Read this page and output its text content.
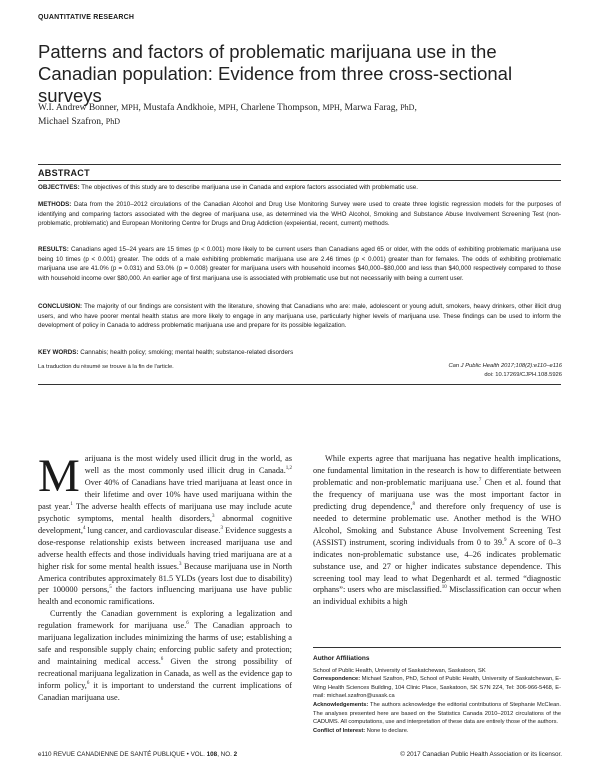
QUANTITATIVE RESEARCH
Patterns and factors of problematic marijuana use in the Canadian population: Evidence from three cross-sectional surveys
W.I. Andrew Bonner, MPH, Mustafa Andkhoie, MPH, Charlene Thompson, MPH, Marwa Farag, PhD,
Michael Szafron, PhD
ABSTRACT
OBJECTIVES: The objectives of this study are to describe marijuana use in Canada and explore factors associated with problematic use.
METHODS: Data from the 2010–2012 circulations of the Canadian Alcohol and Drug Use Monitoring Survey were used to create three logistic regression models for the purposes of identifying and comparing factors associated with the degree of marijuana use, as determined via the WHO Alcohol, Smoking and Substance Abuse Involvement Screening Test (non-problematic, problematic) and European Monitoring Centre for Drugs and Drug Addiction (expeiential, recent, current) methods.
RESULTS: Canadians aged 15–24 years are 15 times (p < 0.001) more likely to be current users than Canadians aged 65 or older, with the odds of exhibiting problematic marijuana use being 10 times (p < 0.001) greater. The odds of a male exhibiting problematic marijuana use are 2.46 times (p < 0.001) greater than for females. The odds of exhibiting problematic marijuana use are 41.0% (p = 0.031) and 53.0% (p = 0.008) greater for marijuana users with household incomes $40,000–$80,000 and less than $40,000 respectively compared to those with household income over $80,000. An earlier age of first marijuana use is associated with problematic use but not necessarily with being a current user.
CONCLUSION: The majority of our findings are consistent with the literature, showing that Canadians who are: male, adolescent or young adult, smokers, heavy drinkers, other illicit drug users, and who have poorer mental health status are more likely to engage in any marijuana use, particularly higher levels of marijuana use. These findings can be used to inform the development of policy in Canada to address problematic marijuana use and prepare for its possible legalization.
KEY WORDS: Cannabis; health policy; smoking; mental health; substance-related disorders
La traduction du résumé se trouve à la fin de l'article.	Can J Public Health 2017;108(2):e110–e116
doi: 10.17269/CJPH.108.5926

Marijuana is the most widely used illicit drug in the world, as well as the most commonly used illicit drug in Canada.$^{1,2}$ Over 40% of Canadians have tried marijuana at least once in their lifetime and over 10% have used marijuana within the past year.$^1$ The adverse health effects of marijuana use may include acute psychotic symptoms, mental health disorders,$^3$ abnormal cognitive development,$^4$ lung cancer, and cardiovascular disease.$^3$ Evidence suggests a dose-response relationship exists between increased marijuana use and adverse health effects and those individuals having tried marijuana are at a higher risk for some mental health issues.$^3$ Because marijuana use in North America contributes approximately 81.5 YLDs (years lost due to disability) per 100000 persons,$^5$ the factors influencing marijuana use have public health and economic ramifications.

Currently the Canadian government is exploring a legalization and regulation framework for marijuana use.$^6$ The Canadian approach to marijuana legalization includes minimizing the harms of use; establishing a safe and responsible supply chain; enforcing public safety and protection; and maintaining medical access.$^6$ Given the strong possibility of recreational marijuana legalization in Canada, as well as the evidence gap to inform policy,$^6$ it is important to understand the current implications of Canadian marijuana use.

While experts agree that marijuana has negative health implications, one fundamental limitation in the research is how to differentiate between problematic and non-problematic marijuana use.$^7$ Chen et al. found that the frequency of marijuana use was the most important factor in predicting drug dependence,$^8$ and therefore only frequency of use is needed to determine problematic use. Another method is the WHO Alcohol, Smoking and Substance Abuse Involvement Screening Test (ASSIST) instrument, scoring individuals from 0 to 39.$^9$ A score of 0–3 indicates non-problematic substance use, 4–26 indicates problematic substance use, and 27 or higher indicates substance dependence. This screening tool may lead to what Degenhardt et al. termed “diagnostic orphans”: users who are misclassified.$^{10}$ Misclassification can occur when an individual exhibits a high

Author Affiliations

School of Public Health, University of Saskatchewan, Saskatoon, SK

Correspondence: Michael Szafron, PhD, School of Public Health, University of Saskatchewan, E-Wing Health Sciences Building, 104 Clinic Place, Saskatoon, SK S7N 2Z4, Tel: 306-966-5468, E-mail: michael.szafron@usask.ca

Acknowledgements: The authors acknowledge the editorial contributions of Stephanie McClean. The analyses presented here are based on the Statistics Canada 2010–2012 circulations of the CADUMS. All computations, use and interpretation of these data are entirely those of the authors.

Conflict of Interest: None to declare.

e110 REVUE CANADIENNE DE SANTÉ PUBLIQUE • VOL. 108, NO. 2	© 2017 Canadian Public Health Association or its licensor.
